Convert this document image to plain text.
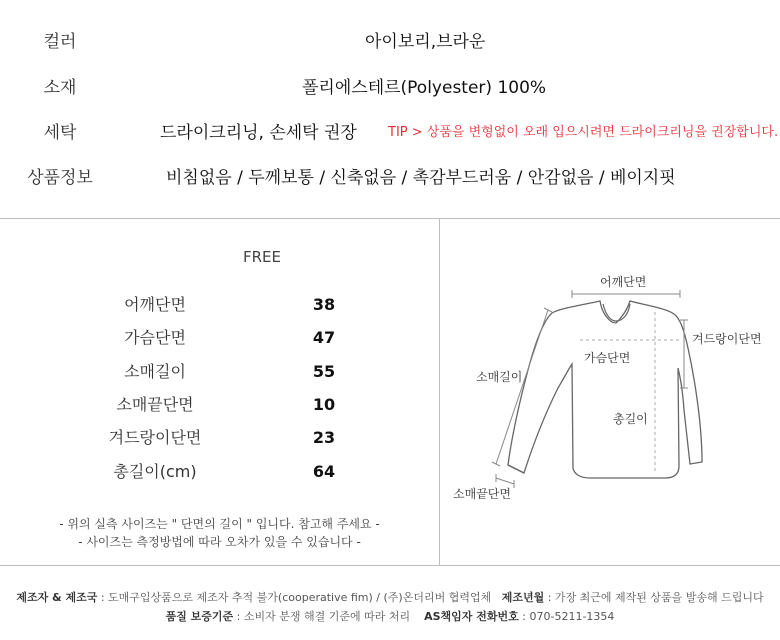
컬러	아이보리,브라운
소재	폴리에스테르(Polyester) 100%
세탁	드라이크리닝, 손세탁 권장 TIP > 상품을 변형없이 오래 입으시려면 드라이크리닝을 권장합니다.
상품정보	비침없음 / 두께보통 / 신축없음 / 촉감부드러움 / 안감없음 / 베이지핏
FREE
어깨단면	38
가슴단면	47
소매길이	55
소매끝단면	10
겨드랑이단면	23
총길이(cm)	64
- 위의 실측 사이즈는 " 단면의 길이 " 입니다. 참고해 주세요 -
- 사이즈는 측정방법에 따라 오차가 있을 수 있습니다 -
어깨단면
겨드랑이단면
가슴단면
소매길이
총길이
소매끝단면
제조자 & 제조국 : 도매구입상품으로 제조자 추적 불가(cooperative fim) / (주)온더리버 협력업체 제조년월 : 가장 최근에 제작된 상품을 발송해 드립니다
품질 보증기준 : 소비자 분쟁 해결 기준에 따라 처리 AS책임자 전화번호 : 070-5211-1354
